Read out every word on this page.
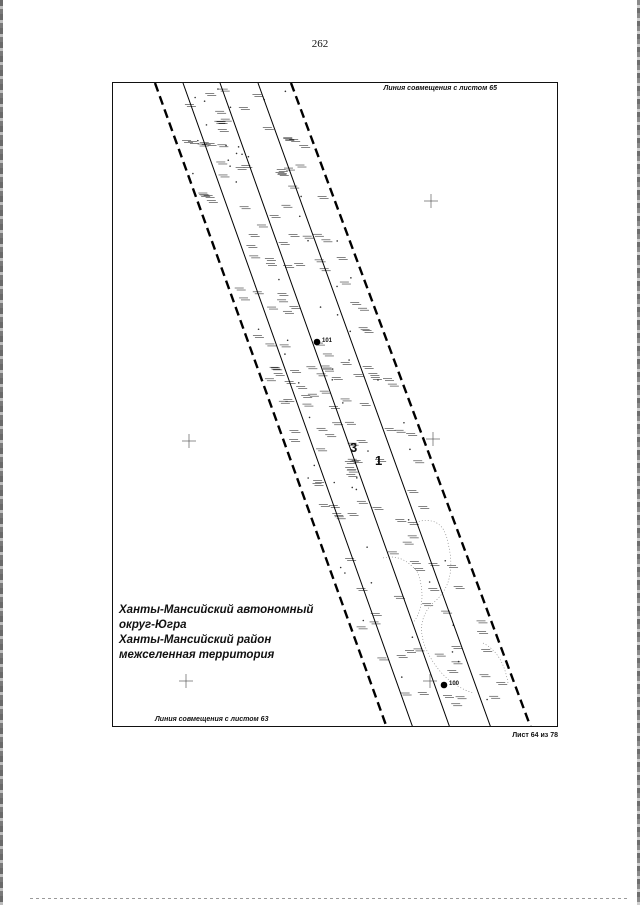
262
Линия совмещения с листом 65
Линия совмещения с листом 63
3
1
101
100
Ханты-Мансийский автономный
округ-Югра
Ханты-Мансийский район
межселенная территория
Лист 64 из 78
